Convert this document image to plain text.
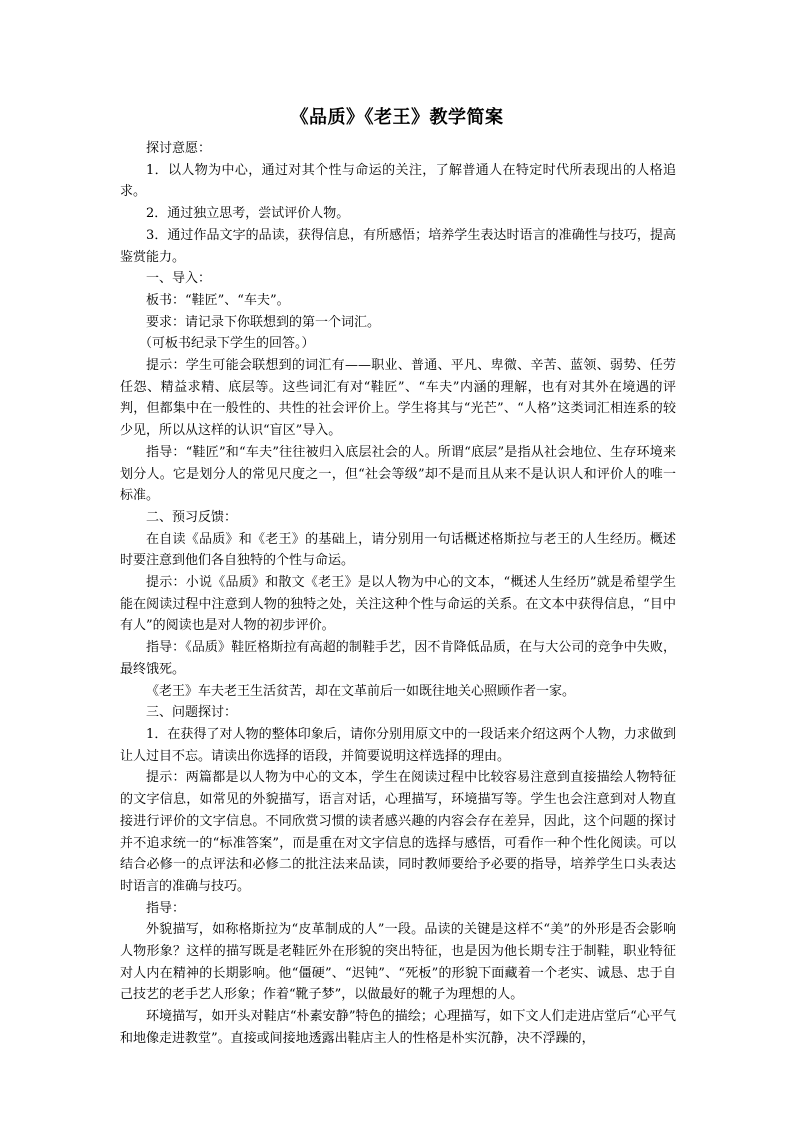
《品质》《老王》教学简案

探讨意愿：

1．以人物为中心，通过对其个性与命运的关注，了解普通人在特定时代所表现出的人格追求。

2．通过独立思考，尝试评价人物。

3．通过作品文字的品读，获得信息，有所感悟；培养学生表达时语言的准确性与技巧，提高鉴赏能力。

一、导入：

板书：“鞋匠”、“车夫”。

要求：请记录下你联想到的第一个词汇。

（可板书纪录下学生的回答。）

提示：学生可能会联想到的词汇有——职业、普通、平凡、卑微、辛苦、蓝领、弱势、任劳任怨、精益求精、底层等。这些词汇有对“鞋匠”、“车夫”内涵的理解，也有对其外在境遇的评判，但都集中在一般性的、共性的社会评价上。学生将其与“光芒”、“人格”这类词汇相连系的较少见，所以从这样的认识“盲区”导入。

指导：“鞋匠”和“车夫”往往被归入底层社会的人。所谓“底层”是指从社会地位、生存环境来划分人。它是划分人的常见尺度之一，但“社会等级”却不是而且从来不是认识人和评价人的唯一标准。

二、预习反馈：

在自读《品质》和《老王》的基础上，请分别用一句话概述格斯拉与老王的人生经历。概述时要注意到他们各自独特的个性与命运。

提示：小说《品质》和散文《老王》是以人物为中心的文本，“概述人生经历”就是希望学生能在阅读过程中注意到人物的独特之处，关注这种个性与命运的关系。在文本中获得信息，“目中有人”的阅读也是对人物的初步评价。

指导：《品质》鞋匠格斯拉有高超的制鞋手艺，因不肯降低品质，在与大公司的竞争中失败，最终饿死。

《老王》车夫老王生活贫苦，却在文革前后一如既往地关心照顾作者一家。

三、问题探讨：

1．在获得了对人物的整体印象后，请你分别用原文中的一段话来介绍这两个人物，力求做到让人过目不忘。请读出你选择的语段，并简要说明这样选择的理由。

提示：两篇都是以人物为中心的文本，学生在阅读过程中比较容易注意到直接描绘人物特征的文字信息，如常见的外貌描写，语言对话，心理描写，环境描写等。学生也会注意到对人物直接进行评价的文字信息。不同欣赏习惯的读者感兴趣的内容会存在差异，因此，这个问题的探讨并不追求统一的“标准答案”，而是重在对文字信息的选择与感悟，可看作一种个性化阅读。可以结合必修一的点评法和必修二的批注法来品读，同时教师要给予必要的指导，培养学生口头表达时语言的准确与技巧。

指导：

外貌描写，如称格斯拉为“皮革制成的人”一段。品读的关键是这样不“美”的外形是否会影响人物形象？这样的描写既是老鞋匠外在形貌的突出特征，也是因为他长期专注于制鞋，职业特征对人内在精神的长期影响。他“僵硬”、“迟钝”、“死板”的形貌下面藏着一个老实、诚恳、忠于自己技艺的老手艺人形象；作着“靴子梦”，以做最好的靴子为理想的人。

环境描写，如开头对鞋店“朴素安静”特色的描绘；心理描写，如下文人们走进店堂后“心平气和地像走进教堂”。直接或间接地透露出鞋店主人的性格是朴实沉静，决不浮躁的，
